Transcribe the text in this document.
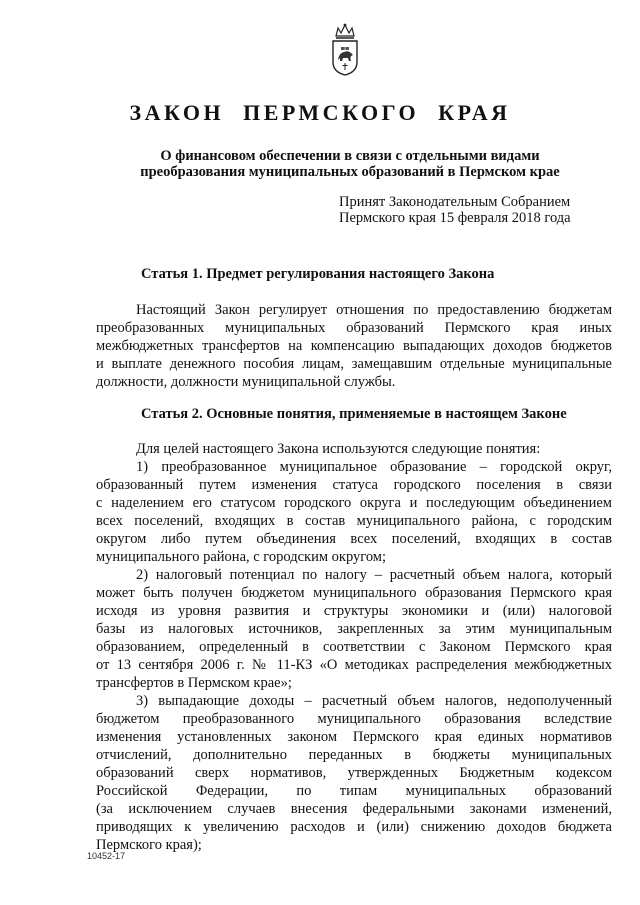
ЗАКОН ПЕРМСКОГО КРАЯ
О финансовом обеспечении в связи с отдельными видами
преобразования муниципальных образований в Пермском крае
Принят Законодательным Собранием
Пермского края 15 февраля 2018 года
Статья 1. Предмет регулирования настоящего Закона
Настоящий Закон регулирует отношения по предоставлению бюджетам
преобразованных муниципальных образований Пермского края иных
межбюджетных трансфертов на компенсацию выпадающих доходов бюджетов
и выплате денежного пособия лицам, замещавшим отдельные муниципальные
должности, должности муниципальной службы.
Статья 2. Основные понятия, применяемые в настоящем Законе
Для целей настоящего Закона используются следующие понятия:
1) преобразованное муниципальное образование – городской округ,
образованный путем изменения статуса городского поселения в связи
с наделением его статусом городского округа и последующим объединением
всех поселений, входящих в состав муниципального района, с городским
округом либо путем объединения всех поселений, входящих в состав
муниципального района, с городским округом;
2) налоговый потенциал по налогу – расчетный объем налога, который
может быть получен бюджетом муниципального образования Пермского края
исходя из уровня развития и структуры экономики и (или) налоговой
базы из налоговых источников, закрепленных за этим муниципальным
образованием, определенный в соответствии с Законом Пермского края
от 13 сентября 2006 г. № 11-КЗ «О методиках распределения межбюджетных
трансфертов в Пермском крае»;
3) выпадающие доходы – расчетный объем налогов, недополученный
бюджетом преобразованного муниципального образования вследствие
изменения установленных законом Пермского края единых нормативов
отчислений, дополнительно переданных в бюджеты муниципальных
образований сверх нормативов, утвержденных Бюджетным кодексом
Российской Федерации, по типам муниципальных образований
(за исключением случаев внесения федеральными законами изменений,
приводящих к увеличению расходов и (или) снижению доходов бюджета
Пермского края);
10452-17
